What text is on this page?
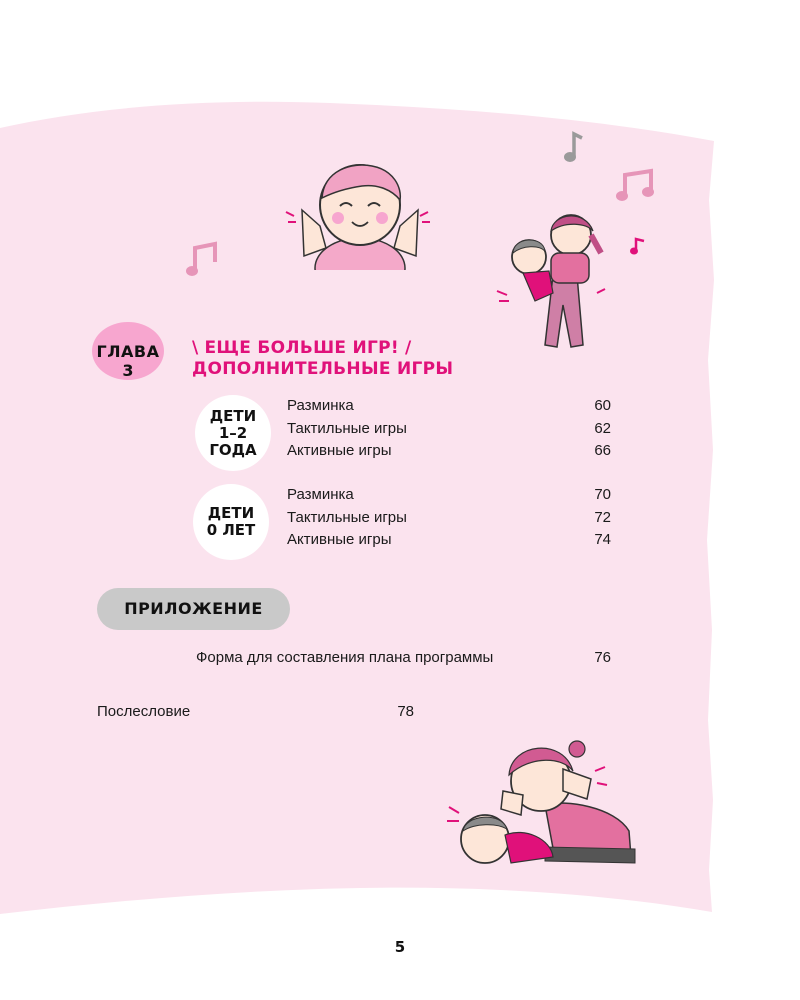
ГЛАВА
3
\ ЕЩЕ БОЛЬШЕ ИГР! /
ДОПОЛНИТЕЛЬНЫЕ ИГРЫ
ДЕТИ
1–2
ГОДА
Разминка	60
Тактильные игры	62
Активные игры	66
ДЕТИ
0 ЛЕТ
Разминка	70
Тактильные игры	72
Активные игры	74
ПРИЛОЖЕНИЕ
Форма для составления плана программы	76
Послесловие	78
5
